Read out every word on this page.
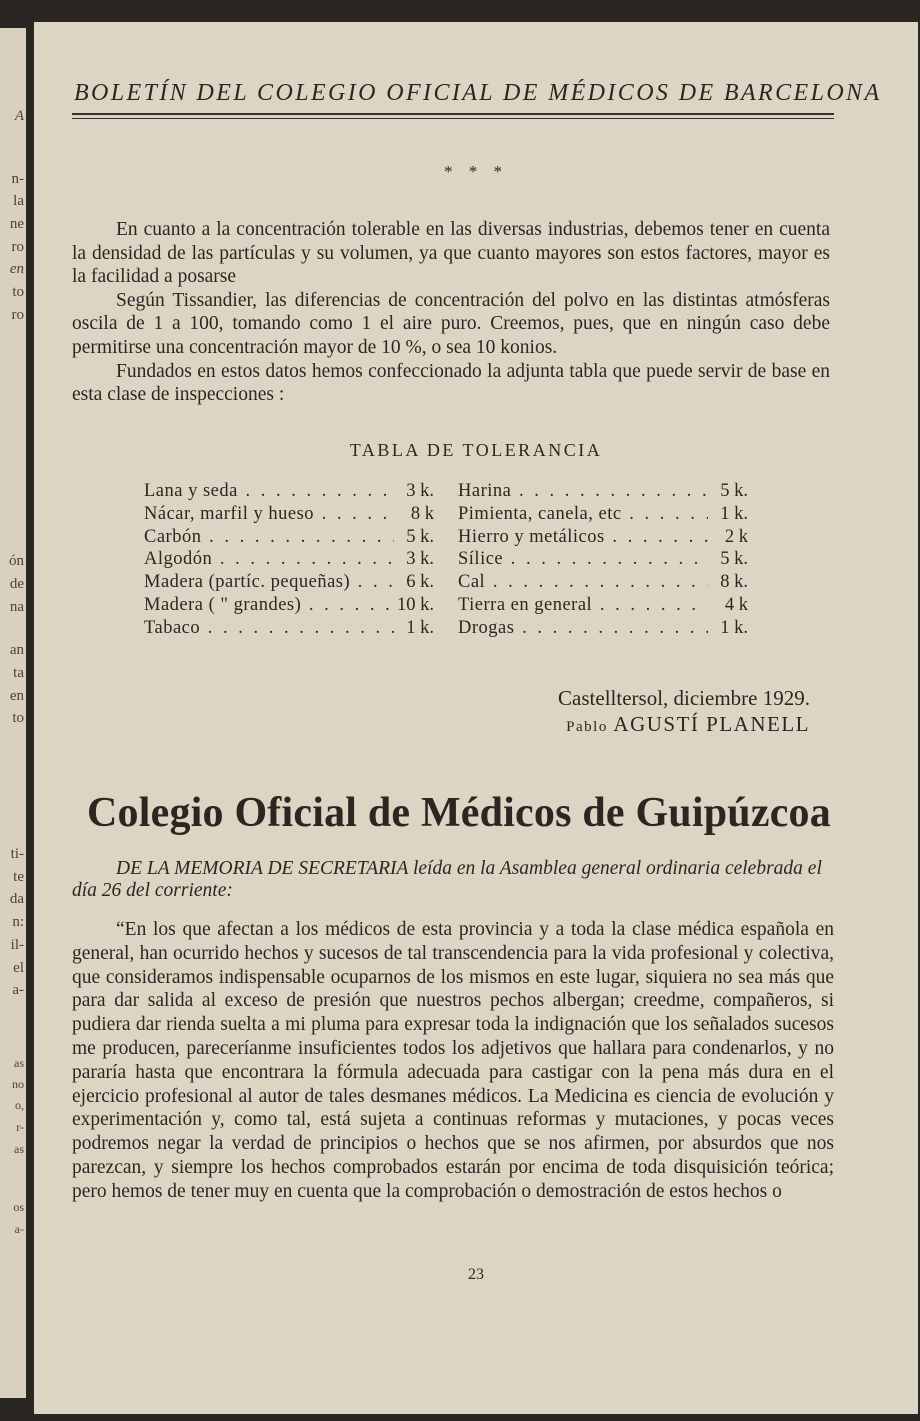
A
n-
la
ne
ro
en
to
ro
ón
de
na
an
ta
en
to
ti-
te
da
n:
il-
el
a-
as
no
o,
r-
as
os
a-
BOLETÍN DEL COLEGIO OFICIAL DE MÉDICOS DE BARCELONA
* * *

En cuanto a la concentración tolerable en las diversas industrias, debemos tener en cuenta la densidad de las partículas y su volumen, ya que cuanto mayores son estos factores, mayor es la facilidad a posarse

Según Tissandier, las diferencias de concentración del polvo en las distintas atmósferas oscila de 1 a 100, tomando como 1 el aire puro. Creemos, pues, que en ningún caso debe permitirse una concentración mayor de 10 %, o sea 10 konios.

Fundados en estos datos hemos confeccionado la adjunta tabla que puede servir de base en esta clase de inspecciones :

TABLA DE TOLERANCIA
Lana y seda . . .	3 k.
Nácar, marfil y hueso . . .	8 k
Carbón . . .	5 k.
Algodón . . .	3 k.
Madera (partíc. pequeñas) . . .	6 k.
Madera ( " grandes) . . .	10 k.
Tabaco . . .	1 k.
Harina . . .	5 k.
Pimienta, canela, etc . . .	1 k.
Hierro y metálicos . . .	2 k
Sílice . . .	5 k.
Cal . . .	8 k.
Tierra en general . . .	4 k
Drogas . . .	1 k.
Castelltersol, diciembre 1929.
Pablo AGUSTÍ PLANELL
Colegio Oficial de Médicos de Guipúzcoa
DE LA MEMORIA DE SECRETARIA leída en la Asamblea general ordinaria celebrada el día 26 del corriente:
“En los que afectan a los médicos de esta provincia y a toda la clase médica española en general, han ocurrido hechos y sucesos de tal transcendencia para la vida profesional y colectiva, que consideramos indispensable ocuparnos de los mismos en este lugar, siquiera no sea más que para dar salida al exceso de presión que nuestros pechos albergan; creedme, compañeros, si pudiera dar rienda suelta a mi pluma para expresar toda la indignación que los señalados sucesos me producen, pareceríanme insuficientes todos los adjetivos que hallara para condenarlos, y no pararía hasta que encontrara la fórmula adecuada para castigar con la pena más dura en el ejercicio profesional al autor de tales desmanes médicos. La Medicina es ciencia de evolución y experimentación y, como tal, está sujeta a continuas reformas y mutaciones, y pocas veces podremos negar la verdad de principios o hechos que se nos afirmen, por absurdos que nos parezcan, y siempre los hechos comprobados estarán por encima de toda disquisición teórica; pero hemos de tener muy en cuenta que la comprobación o demostración de estos hechos o
23
